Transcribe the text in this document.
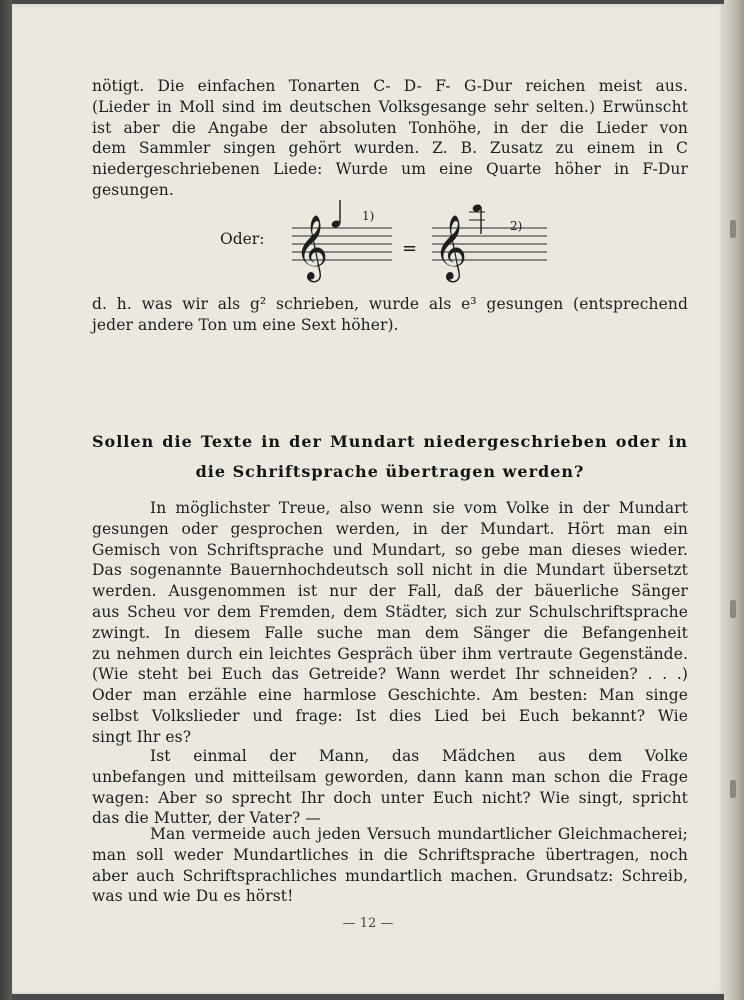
nötigt. Die einfachen Tonarten C- D- F- G-Dur reichen meist aus.

(Lieder in Moll sind im deutschen Volksgesange sehr selten.) Erwünscht

ist aber die Angabe der absoluten Tonhöhe, in der die Lieder von

dem Sammler singen gehört wurden. Z. B. Zusatz zu einem in C

niedergeschriebenen Liede: Wurde um eine Quarte höher in F-Dur

gesungen.

Oder: 𝄞	1)
= 𝄞	2)

d. h. was wir als g² schrieben, wurde als e³ gesungen (entsprechend

jeder andere Ton um eine Sext höher).

Sollen die Texte in der Mundart niedergeschrieben oder in
die Schriftsprache übertragen werden?

In möglichster Treue, also wenn sie vom Volke in der Mundart

gesungen oder gesprochen werden, in der Mundart. Hört man ein

Gemisch von Schriftsprache und Mundart, so gebe man dieses wieder.

Das sogenannte Bauernhochdeutsch soll nicht in die Mundart übersetzt

werden. Ausgenommen ist nur der Fall, daß der bäuerliche Sänger

aus Scheu vor dem Fremden, dem Städter, sich zur Schulschriftsprache

zwingt. In diesem Falle suche man dem Sänger die Befangenheit

zu nehmen durch ein leichtes Gespräch über ihm vertraute Gegenstände.

(Wie steht bei Euch das Getreide? Wann werdet Ihr schneiden? . . .)

Oder man erzähle eine harmlose Geschichte. Am besten: Man singe

selbst Volkslieder und frage: Ist dies Lied bei Euch bekannt? Wie

singt Ihr es?

Ist einmal der Mann, das Mädchen aus dem Volke

unbefangen und mitteilsam geworden, dann kann man schon die Frage

wagen: Aber so sprecht Ihr doch unter Euch nicht? Wie singt, spricht

das die Mutter, der Vater? —

Man vermeide auch jeden Versuch mundartlicher Gleichmacherei;

man soll weder Mundartliches in die Schriftsprache übertragen, noch

aber auch Schriftsprachliches mundartlich machen. Grundsatz: Schreib,

was und wie Du es hörst!

— 12 —
